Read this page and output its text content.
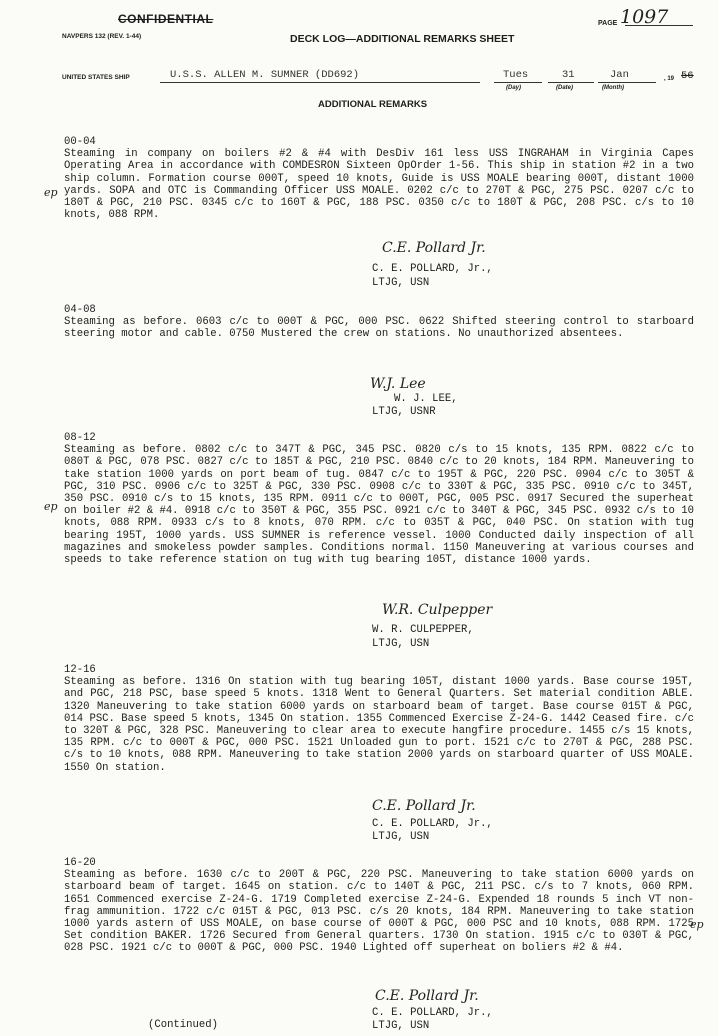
CONFIDENTIAL
NAVPERS 132 (REV. 1-44)	DECK LOG—ADDITIONAL REMARKS SHEET
PAGE 1097
UNITED STATES SHIP	U.S.S. ALLEN M. SUMNER (DD692)	Tues
(Day)
31
(Date)
Jan
(Month)
, 19 56
ADDITIONAL REMARKS
00-04
Steaming in company on boilers #2 & #4 with DesDiv 161 less USS INGRAHAM in Virginia Capes Operating Area in accordance with COMDESRON Sixteen OpOrder 1-56. This ship in station #2 in a two ship column. Formation course 000T, speed 10 knots, Guide is USS MOALE bearing 000T, distant 1000 yards. SOPA and OTC is Commanding Officer USS MOALE. 0202 c/c to 270T & PGC, 275 PSC. 0207 c/c to 180T & PGC, 210 PSC. 0345 c/c to 160T & PGC, 188 PSC. 0350 c/c to 180T & PGC, 208 PSC. c/s to 10 knots, 088 RPM.
C.E. Pollard Jr.
C. E. POLLARD, Jr.,
LTJG, USN
04-08
Steaming as before. 0603 c/c to 000T & PGC, 000 PSC. 0622 Shifted steering control to starboard steering motor and cable. 0750 Mustered the crew on stations. No unauthorized absentees.
W.J. Lee
W. J. LEE,
LTJG, USNR
08-12
Steaming as before. 0802 c/c to 347T & PGC, 345 PSC. 0820 c/s to 15 knots, 135 RPM. 0822 c/c to 080T & PGC, 078 PSC. 0827 c/c to 185T & PGC, 210 PSC. 0840 c/c to 20 knots, 184 RPM. Maneuvering to take station 1000 yards on port beam of tug. 0847 c/c to 195T & PGC, 220 PSC. 0904 c/c to 305T & PGC, 310 PSC. 0906 c/c to 325T & PGC, 330 PSC. 0908 c/c to 330T & PGC, 335 PSC. 0910 c/c to 345T, 350 PSC. 0910 c/s to 15 knots, 135 RPM. 0911 c/c to 000T, PGC, 005 PSC. 0917 Secured the superheat on boiler #2 & #4. 0918 c/c to 350T & PGC, 355 PSC. 0921 c/c to 340T & PGC, 345 PSC. 0932 c/s to 10 knots, 088 RPM. 0933 c/s to 8 knots, 070 RPM. c/c to 035T & PGC, 040 PSC. On station with tug bearing 195T, 1000 yards. USS SUMNER is reference vessel. 1000 Conducted daily inspection of all magazines and smokeless powder samples. Conditions normal. 1150 Maneuvering at various courses and speeds to take reference station on tug with tug bearing 105T, distance 1000 yards.
W.R. Culpepper
W. R. CULPEPPER,
LTJG, USN
12-16
Steaming as before. 1316 On station with tug bearing 105T, distant 1000 yards. Base course 195T, and PGC, 218 PSC, base speed 5 knots. 1318 Went to General Quarters. Set material condition ABLE. 1320 Maneuvering to take station 6000 yards on starboard beam of target. Base course 015T & PGC, 014 PSC. Base speed 5 knots, 1345 On station. 1355 Commenced Exercise Z-24-G. 1442 Ceased fire. c/c to 320T & PGC, 328 PSC. Maneuvering to clear area to execute hangfire procedure. 1455 c/s 15 knots, 135 RPM. c/c to 000T & PGC, 000 PSC. 1521 Unloaded gun to port. 1521 c/c to 270T & PGC, 288 PSC. c/s to 10 knots, 088 RPM. Maneuvering to take station 2000 yards on starboard quarter of USS MOALE. 1550 On station.
C.E. Pollard Jr.
C. E. POLLARD, Jr.,
LTJG, USN
16-20
Steaming as before. 1630 c/c to 200T & PGC, 220 PSC. Maneuvering to take station 6000 yards on starboard beam of target. 1645 on station. c/c to 140T & PGC, 211 PSC. c/s to 7 knots, 060 RPM. 1651 Commenced exercise Z-24-G. 1719 Completed exercise Z-24-G. Expended 18 rounds 5 inch VT non-frag ammunition. 1722 c/c 015T & PGC, 013 PSC. c/s 20 knots, 184 RPM. Maneuvering to take station 1000 yards astern of USS MOALE, on base course of 000T & PGC, 000 PSC and 10 knots, 088 RPM. 1725 Set condition BAKER. 1726 Secured from General quarters. 1730 On station. 1915 c/c to 030T & PGC, 028 PSC. 1921 c/c to 000T & PGC, 000 PSC. 1940 Lighted off superheat on boliers #2 & #4.
C.E. Pollard Jr.
C. E. POLLARD, Jr.,
LTJG, USN
ep
ep
ep
(Continued)
